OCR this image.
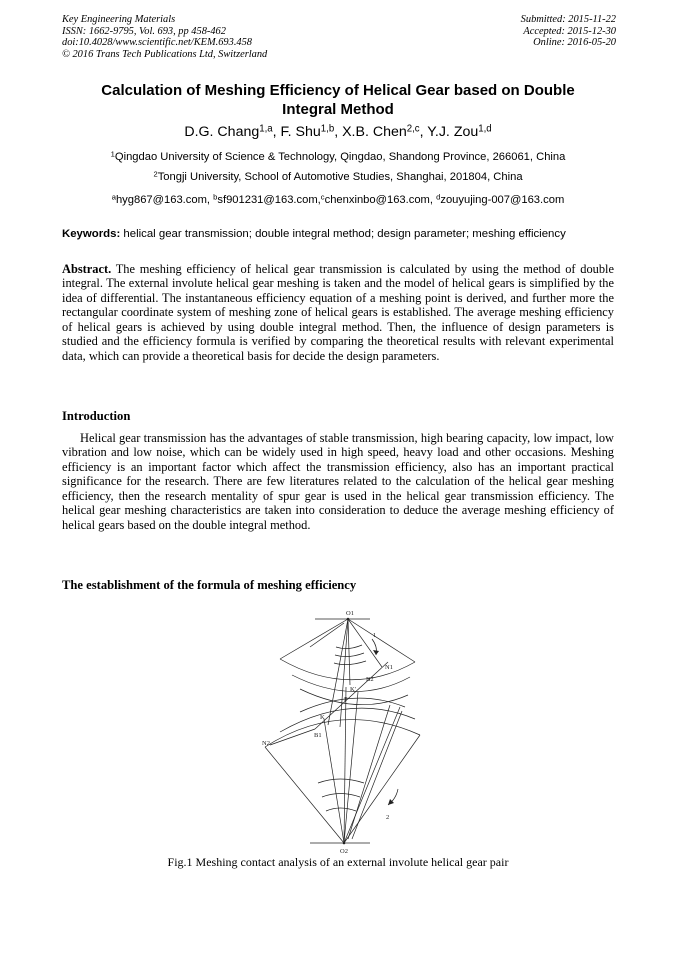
Key Engineering Materials
ISSN: 1662-9795, Vol. 693, pp 458-462
doi:10.4028/www.scientific.net/KEM.693.458
© 2016 Trans Tech Publications Ltd, Switzerland
Submitted: 2015-11-22
Accepted: 2015-12-30
Online: 2016-05-20
Calculation of Meshing Efficiency of Helical Gear based on Double
Integral Method
D.G. Chang$^{1,a}$, F. Shu$^{1,b}$, X.B. Chen$^{2,c}$, Y.J. Zou$^{1,d}$
$^1$Qingdao University of Science & Technology, Qingdao, Shandong Province, 266061, China
$^2$Tongji University, School of Automotive Studies, Shanghai, 201804, China
$^a$hyg867@163.com, $^b$sf901231@163.com,$^c$chenxinbo@163.com, $^d$zouyujing-007@163.com
Keywords: helical gear transmission; double integral method; design parameter; meshing efficiency
Abstract. The meshing efficiency of helical gear transmission is calculated by using the method of double integral. The external involute helical gear meshing is taken and the model of helical gears is simplified by the idea of differential. The instantaneous efficiency equation of a meshing point is derived, and further more the rectangular coordinate system of meshing zone of helical gears is established. The average meshing efficiency of helical gears is achieved by using double integral method. Then, the influence of design parameters is studied and the efficiency formula is verified by comparing the theoretical results with relevant experimental data, which can provide a theoretical basis for decide the design parameters.
Introduction
Helical gear transmission has the advantages of stable transmission, high bearing capacity, low impact, low vibration and low noise, which can be widely used in high speed, heavy load and other occasions. Meshing efficiency is an important factor which affect the transmission efficiency, also has an important practical significance for the research. There are few literatures related to the calculation of the helical gear meshing efficiency, then the research mentality of spur gear is used in the helical gear transmission efficiency. The helical gear meshing characteristics are taken into consideration to deduce the average meshing efficiency of helical gears based on the double integral method.
The establishment of the formula of meshing efficiency
O1
O2
N1
N2
B1
B2
K
K'
P
1
2
Fig.1 Meshing contact analysis of an external involute helical gear pair
